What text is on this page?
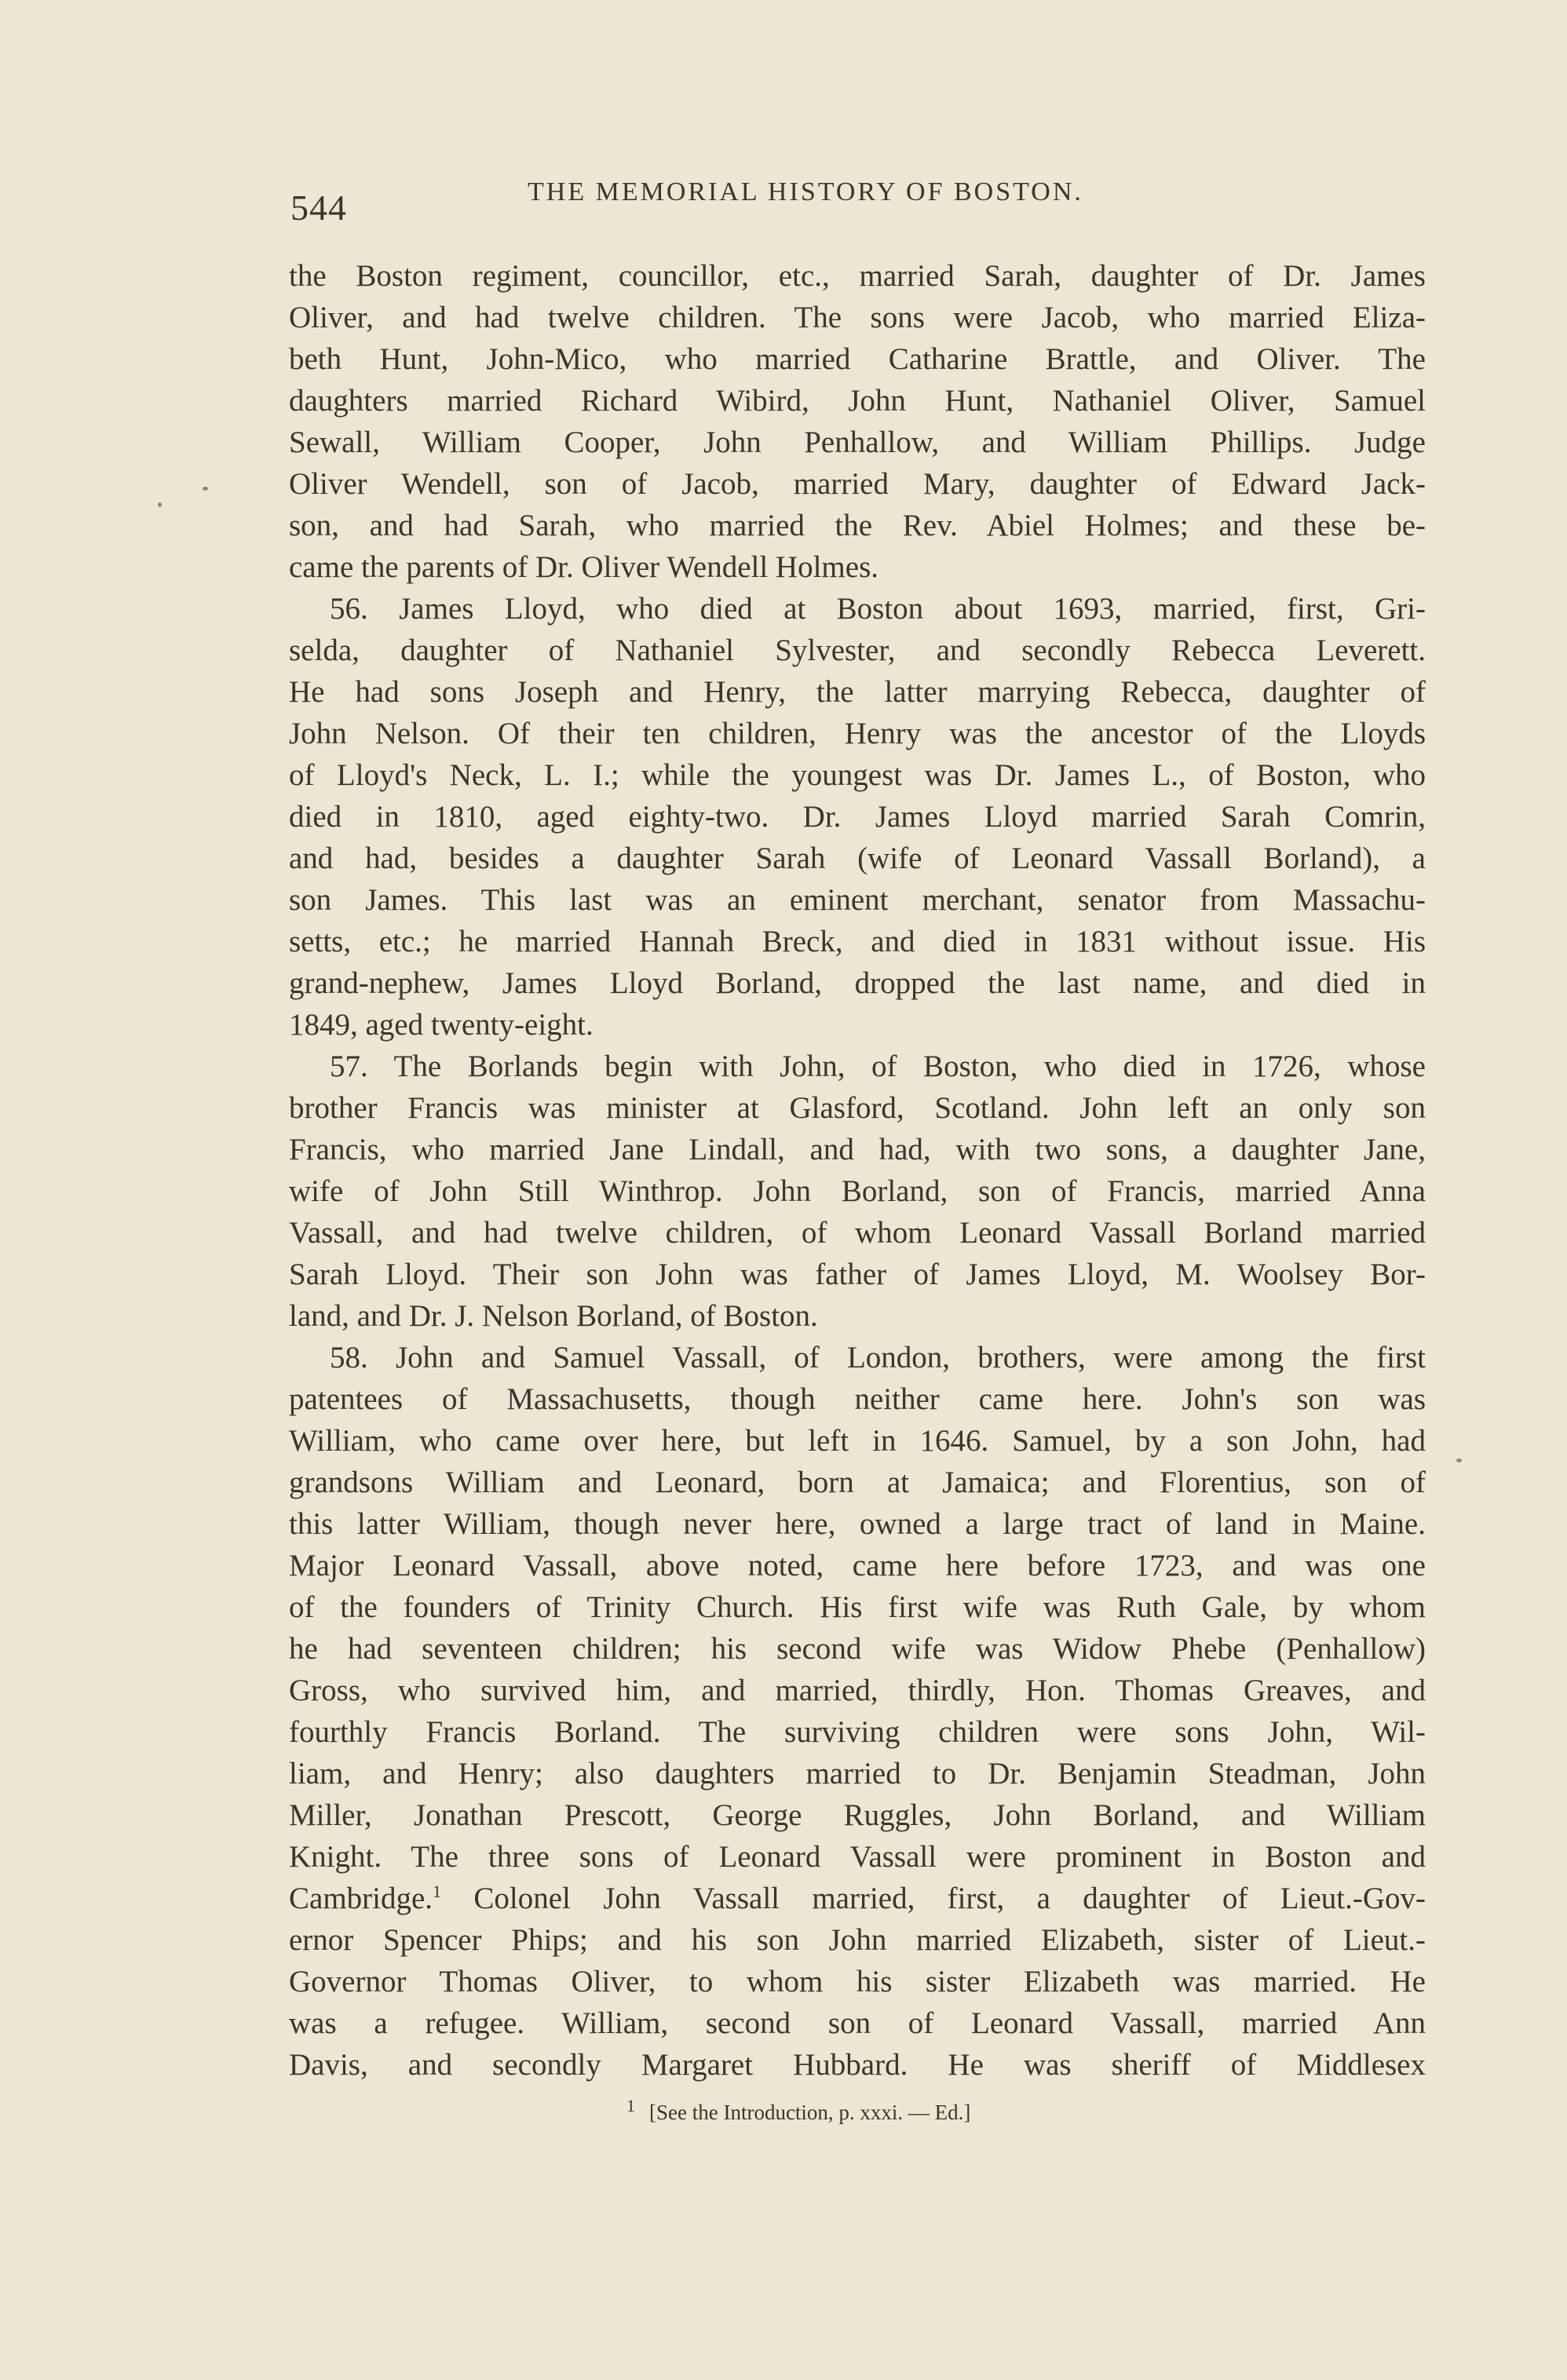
544	THE MEMORIAL HISTORY OF BOSTON.
the Boston regiment, councillor, etc., married Sarah, daughter of Dr. James
Oliver, and had twelve children. The sons were Jacob, who married Eliza-
beth Hunt, John-Mico, who married Catharine Brattle, and Oliver. The
daughters married Richard Wibird, John Hunt, Nathaniel Oliver, Samuel
Sewall, William Cooper, John Penhallow, and William Phillips. Judge
Oliver Wendell, son of Jacob, married Mary, daughter of Edward Jack-
son, and had Sarah, who married the Rev. Abiel Holmes; and these be-
came the parents of Dr. Oliver Wendell Holmes.
56. James Lloyd, who died at Boston about 1693, married, first, Gri-
selda, daughter of Nathaniel Sylvester, and secondly Rebecca Leverett.
He had sons Joseph and Henry, the latter marrying Rebecca, daughter of
John Nelson. Of their ten children, Henry was the ancestor of the Lloyds
of Lloyd's Neck, L. I.; while the youngest was Dr. James L., of Boston, who
died in 1810, aged eighty-two. Dr. James Lloyd married Sarah Comrin,
and had, besides a daughter Sarah (wife of Leonard Vassall Borland), a
son James. This last was an eminent merchant, senator from Massachu-
setts, etc.; he married Hannah Breck, and died in 1831 without issue. His
grand-nephew, James Lloyd Borland, dropped the last name, and died in
1849, aged twenty-eight.
57. The Borlands begin with John, of Boston, who died in 1726, whose
brother Francis was minister at Glasford, Scotland. John left an only son
Francis, who married Jane Lindall, and had, with two sons, a daughter Jane,
wife of John Still Winthrop. John Borland, son of Francis, married Anna
Vassall, and had twelve children, of whom Leonard Vassall Borland married
Sarah Lloyd. Their son John was father of James Lloyd, M. Woolsey Bor-
land, and Dr. J. Nelson Borland, of Boston.
58. John and Samuel Vassall, of London, brothers, were among the first
patentees of Massachusetts, though neither came here. John's son was
William, who came over here, but left in 1646. Samuel, by a son John, had
grandsons William and Leonard, born at Jamaica; and Florentius, son of
this latter William, though never here, owned a large tract of land in Maine.
Major Leonard Vassall, above noted, came here before 1723, and was one
of the founders of Trinity Church. His first wife was Ruth Gale, by whom
he had seventeen children; his second wife was Widow Phebe (Penhallow)
Gross, who survived him, and married, thirdly, Hon. Thomas Greaves, and
fourthly Francis Borland. The surviving children were sons John, Wil-
liam, and Henry; also daughters married to Dr. Benjamin Steadman, John
Miller, Jonathan Prescott, George Ruggles, John Borland, and William
Knight. The three sons of Leonard Vassall were prominent in Boston and
Cambridge.$^1$ Colonel John Vassall married, first, a daughter of Lieut.-Gov-
ernor Spencer Phips; and his son John married Elizabeth, sister of Lieut.-
Governor Thomas Oliver, to whom his sister Elizabeth was married. He
was a refugee. William, second son of Leonard Vassall, married Ann
Davis, and secondly Margaret Hubbard. He was sheriff of Middlesex
$^1$ [See the Introduction, p. xxxi. — Ed.]
